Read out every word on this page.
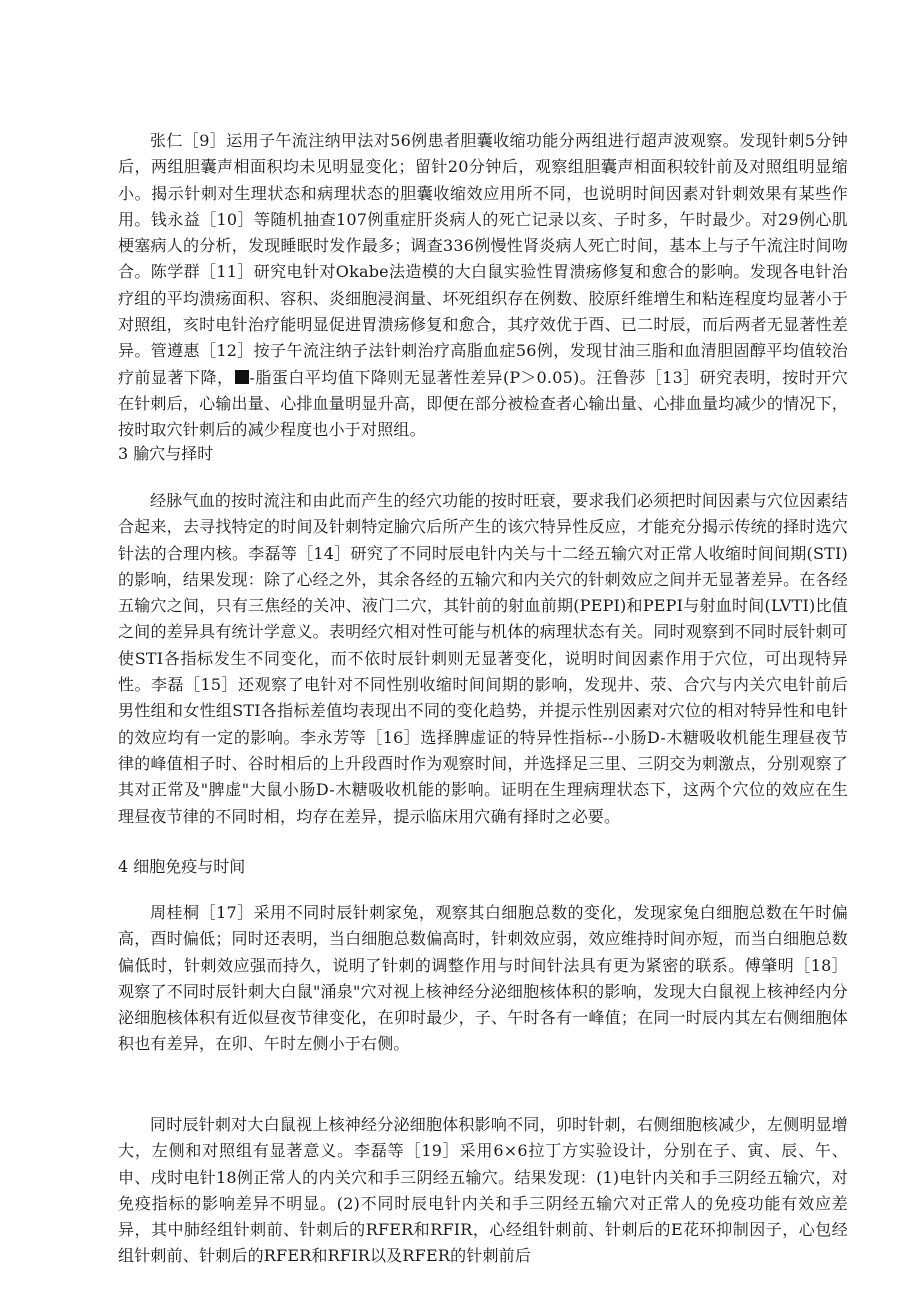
张仁［9］运用子午流注纳甲法对56例患者胆囊收缩功能分两组进行超声波观察。发现针刺5分钟后，两组胆囊声相面积均未见明显变化；留针20分钟后，观察组胆囊声相面积较针前及对照组明显缩小。揭示针刺对生理状态和病理状态的胆囊收缩效应用所不同，也说明时间因素对针刺效果有某些作用。钱永益［10］等随机抽查107例重症肝炎病人的死亡记录以亥、子时多，午时最少。对29例心肌梗塞病人的分析，发现睡眠时发作最多；调查336例慢性肾炎病人死亡时间，基本上与子午流注时间吻合。陈学群［11］研究电针对Okabe法造模的大白鼠实验性胃溃疡修复和愈合的影响。发现各电针治疗组的平均溃疡面积、容积、炎细胞浸润量、坏死组织存在例数、胶原纤维增生和粘连程度均显著小于对照组，亥时电针治疗能明显促进胃溃疡修复和愈合，其疗效优于酉、已二时辰，而后两者无显著性差异。管遵惠［12］按子午流注纳子法针刺治疗高脂血症56例，发现甘油三脂和血清胆固醇平均值较治疗前显著下降， -脂蛋白平均值下降则无显著性差异(P＞0.05)。汪鲁莎［13］研究表明，按时开穴在针刺后，心输出量、心排血量明显升高，即便在部分被检查者心输出量、心排血量均减少的情况下，按时取穴针刺后的减少程度也小于对照组。

3 腧穴与择时

经脉气血的按时流注和由此而产生的经穴功能的按时旺衰，要求我们必须把时间因素与穴位因素结合起来，去寻找特定的时间及针刺特定腧穴后所产生的该穴特异性反应，才能充分揭示传统的择时选穴针法的合理内核。李磊等［14］研究了不同时辰电针内关与十二经五输穴对正常人收缩时间间期(STI)的影响，结果发现：除了心经之外，其余各经的五输穴和内关穴的针刺效应之间并无显著差异。在各经五输穴之间，只有三焦经的关冲、液门二穴，其针前的射血前期(PEPI)和PEPI与射血时间(LVTI)比值之间的差异具有统计学意义。表明经穴相对性可能与机体的病理状态有关。同时观察到不同时辰针刺可使STI各指标发生不同变化，而不依时辰针刺则无显著变化，说明时间因素作用于穴位，可出现特异性。李磊［15］还观察了电针对不同性别收缩时间间期的影响，发现井、荥、合穴与内关穴电针前后男性组和女性组STI各指标差值均表现出不同的变化趋势，并提示性别因素对穴位的相对特异性和电针的效应均有一定的影响。李永芳等［16］选择脾虚证的特异性指标--小肠D-木糖吸收机能生理昼夜节律的峰值相子时、谷时相后的上升段酉时作为观察时间，并选择足三里、三阴交为刺激点，分别观察了其对正常及"脾虚"大鼠小肠D-木糖吸收机能的影响。证明在生理病理状态下，这两个穴位的效应在生理昼夜节律的不同时相，均存在差异，提示临床用穴确有择时之必要。

4 细胞免疫与时间

周桂桐［17］采用不同时辰针刺家兔，观察其白细胞总数的变化，发现家兔白细胞总数在午时偏高，酉时偏低；同时还表明，当白细胞总数偏高时，针刺效应弱，效应维持时间亦短，而当白细胞总数偏低时，针刺效应强而持久，说明了针刺的调整作用与时间针法具有更为紧密的联系。傅肇明［18］观察了不同时辰针刺大白鼠"涌泉"穴对视上核神经分泌细胞核体积的影响，发现大白鼠视上核神经内分泌细胞核体积有近似昼夜节律变化，在卯时最少，子、午时各有一峰值；在同一时辰内其左右侧细胞体积也有差异，在卯、午时左侧小于右侧。

同时辰针刺对大白鼠视上核神经分泌细胞体积影响不同，卯时针刺，右侧细胞核减少，左侧明显增大，左侧和对照组有显著意义。李磊等［19］采用6×6拉丁方实验设计，分别在子、寅、辰、午、申、戌时电针18例正常人的内关穴和手三阴经五输穴。结果发现：(1)电针内关和手三阴经五输穴，对免疫指标的影响差异不明显。(2)不同时辰电针内关和手三阴经五输穴对正常人的免疫功能有效应差异，其中肺经组针刺前、针刺后的RFER和RFIR，心经组针刺前、针刺后的E花环抑制因子，心包经组针刺前、针刺后的RFER和RFIR以及RFER的针刺前后
